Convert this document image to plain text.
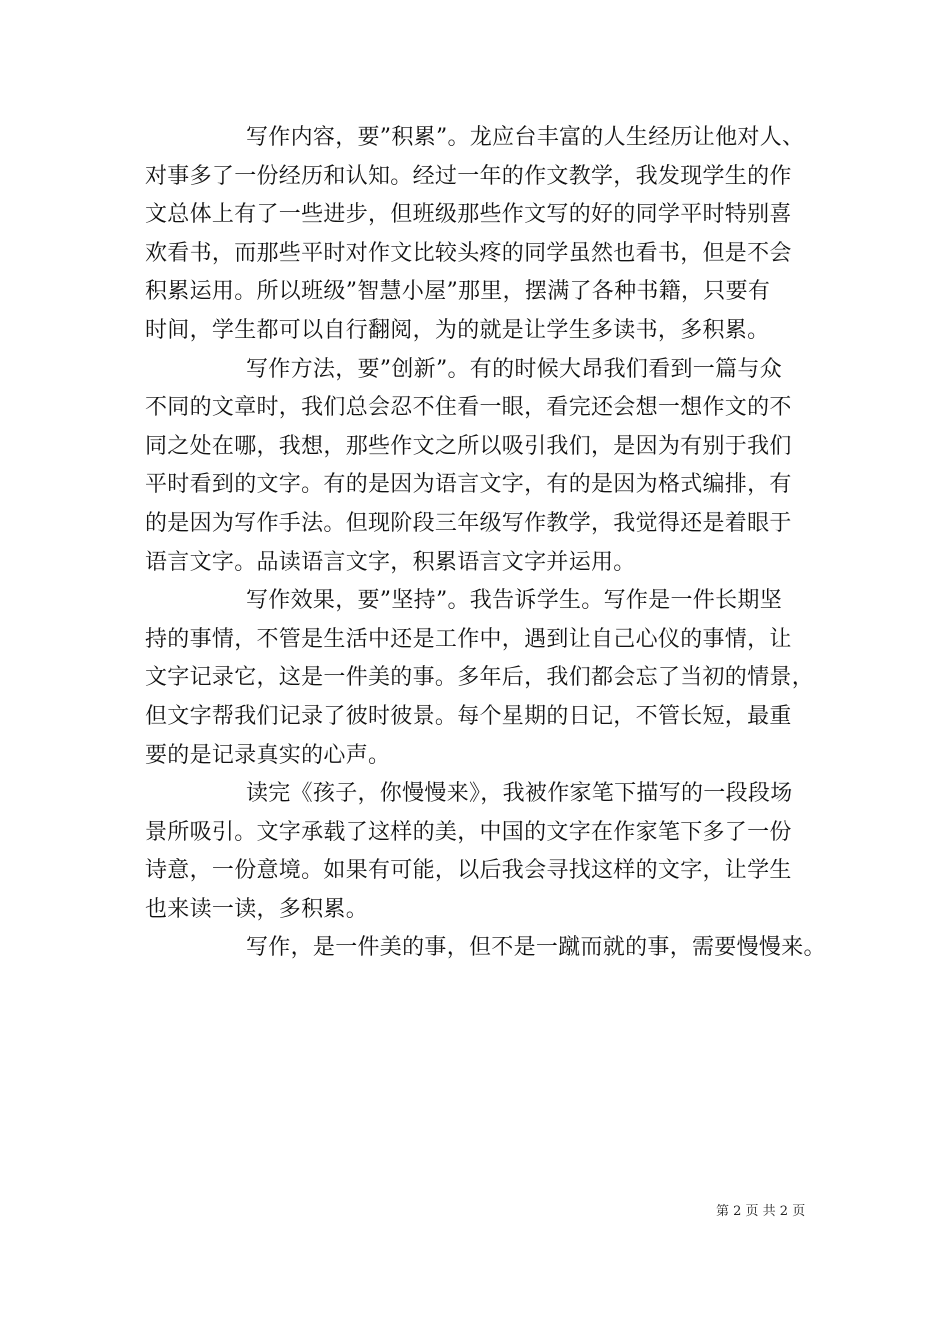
写作内容，要”积累”。龙应台丰富的人生经历让他对人、
对事多了一份经历和认知。经过一年的作文教学，我发现学生的作
文总体上有了一些进步，但班级那些作文写的好的同学平时特别喜
欢看书，而那些平时对作文比较头疼的同学虽然也看书，但是不会
积累运用。所以班级”智慧小屋”那里，摆满了各种书籍，只要有
时间，学生都可以自行翻阅，为的就是让学生多读书，多积累。
写作方法，要”创新”。有的时候大昂我们看到一篇与众
不同的文章时，我们总会忍不住看一眼，看完还会想一想作文的不
同之处在哪，我想，那些作文之所以吸引我们，是因为有别于我们
平时看到的文字。有的是因为语言文字，有的是因为格式编排，有
的是因为写作手法。但现阶段三年级写作教学，我觉得还是着眼于
语言文字。品读语言文字，积累语言文字并运用。
写作效果，要”坚持”。我告诉学生。写作是一件长期坚
持的事情，不管是生活中还是工作中，遇到让自己心仪的事情，让
文字记录它，这是一件美的事。多年后，我们都会忘了当初的情景，
但文字帮我们记录了彼时彼景。每个星期的日记，不管长短，最重
要的是记录真实的心声。
读完《孩子，你慢慢来》，我被作家笔下描写的一段段场
景所吸引。文字承载了这样的美，中国的文字在作家笔下多了一份
诗意，一份意境。如果有可能，以后我会寻找这样的文字，让学生
也来读一读，多积累。
写作，是一件美的事，但不是一蹴而就的事，需要慢慢来。
第 2 页 共 2 页
